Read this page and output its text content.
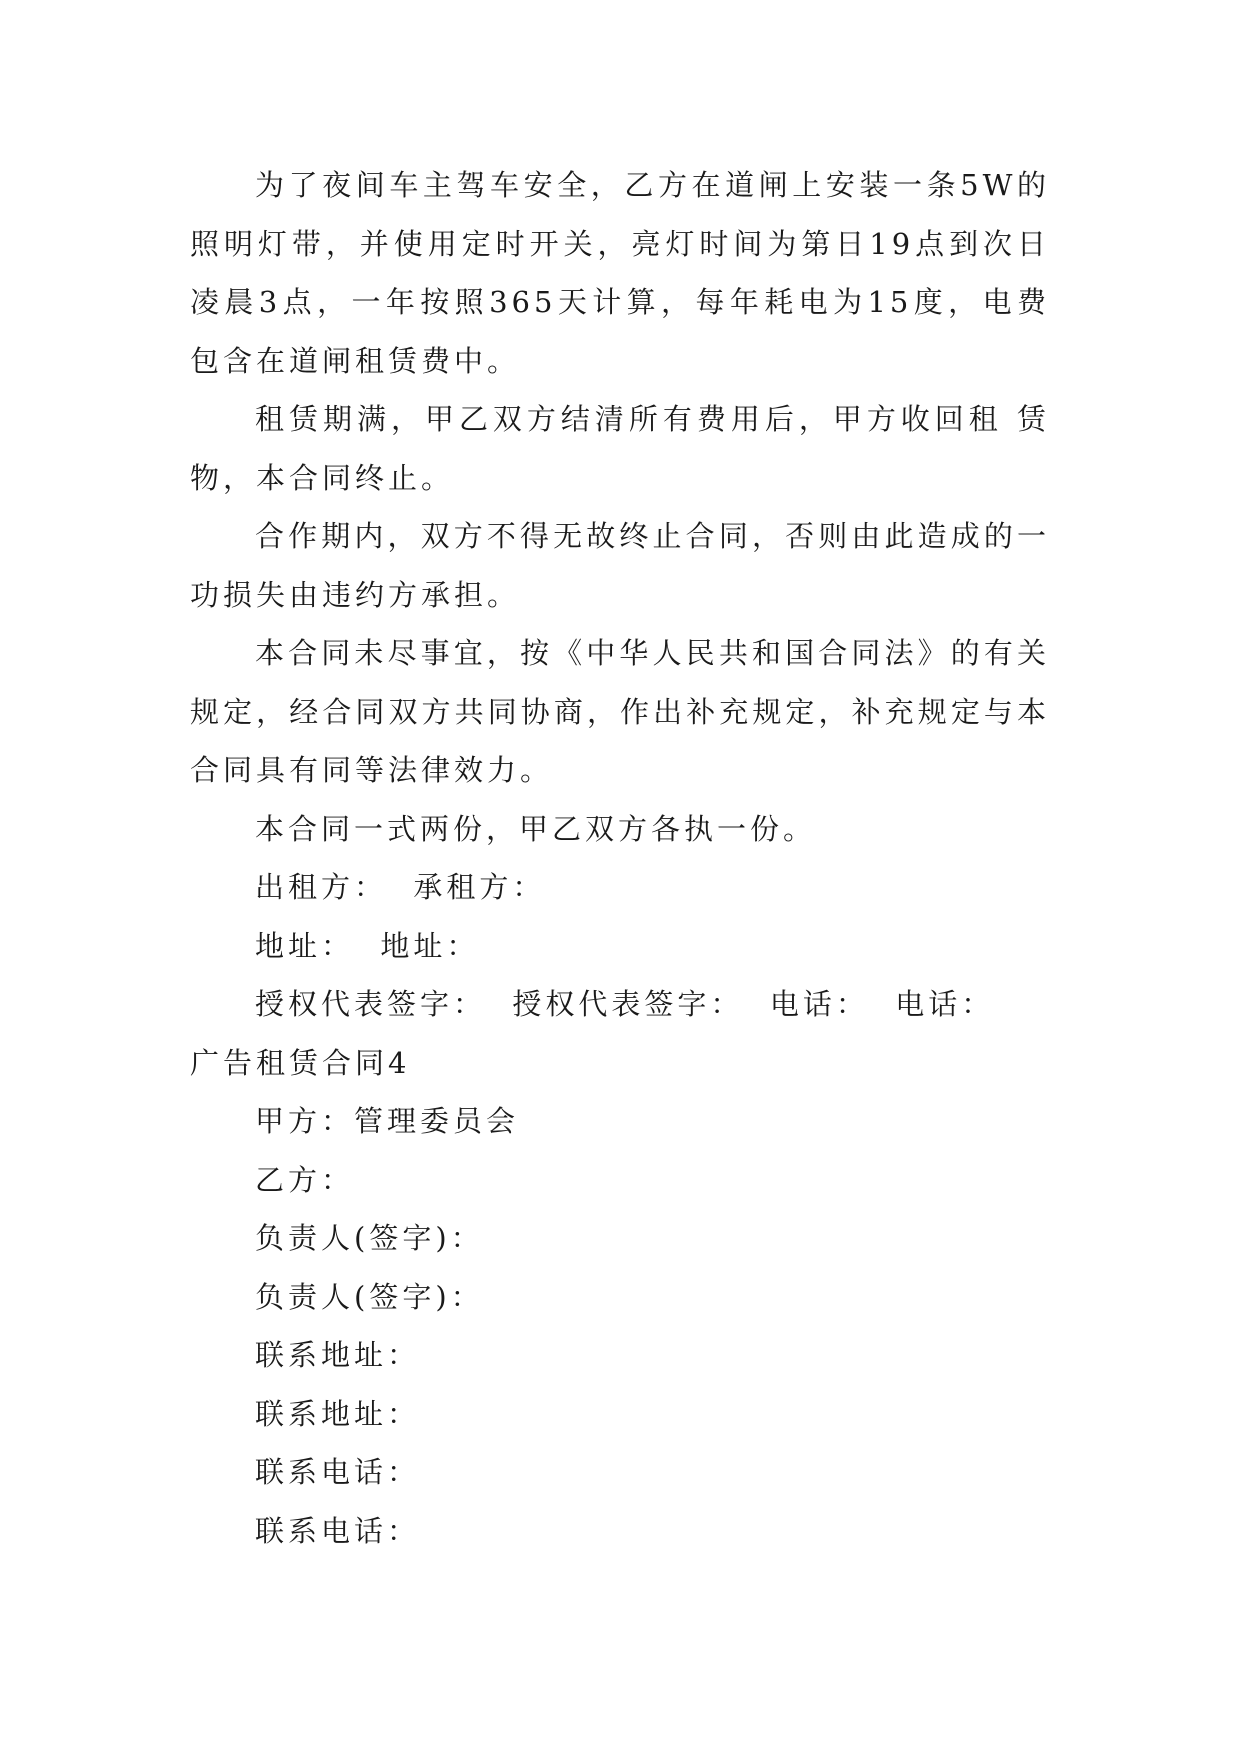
为了夜间车主驾车安全，乙方在道闸上安装一条5W的照明灯带，并使用定时开关，亮灯时间为第日19点到次日凌晨3点，一年按照365天计算，每年耗电为15度，电费包含在道闸租赁费中。

租赁期满，甲乙双方结清所有费用后，甲方收回租 赁物，本合同终止。

合作期内，双方不得无故终止合同，否则由此造成的一功损失由违约方承担。

本合同未尽事宜，按《中华人民共和国合同法》的有关规定，经合同双方共同协商，作出补充规定，补充规定与本合同具有同等法律效力。

本合同一式两份，甲乙双方各执一份。

出租方：  承租方：

地址：  地址：

授权代表签字：  授权代表签字：  电话：  电话：

广告租赁合同4

甲方：管理委员会

乙方：

负责人(签字)：

负责人(签字)：

联系地址：

联系地址：

联系电话：

联系电话：
